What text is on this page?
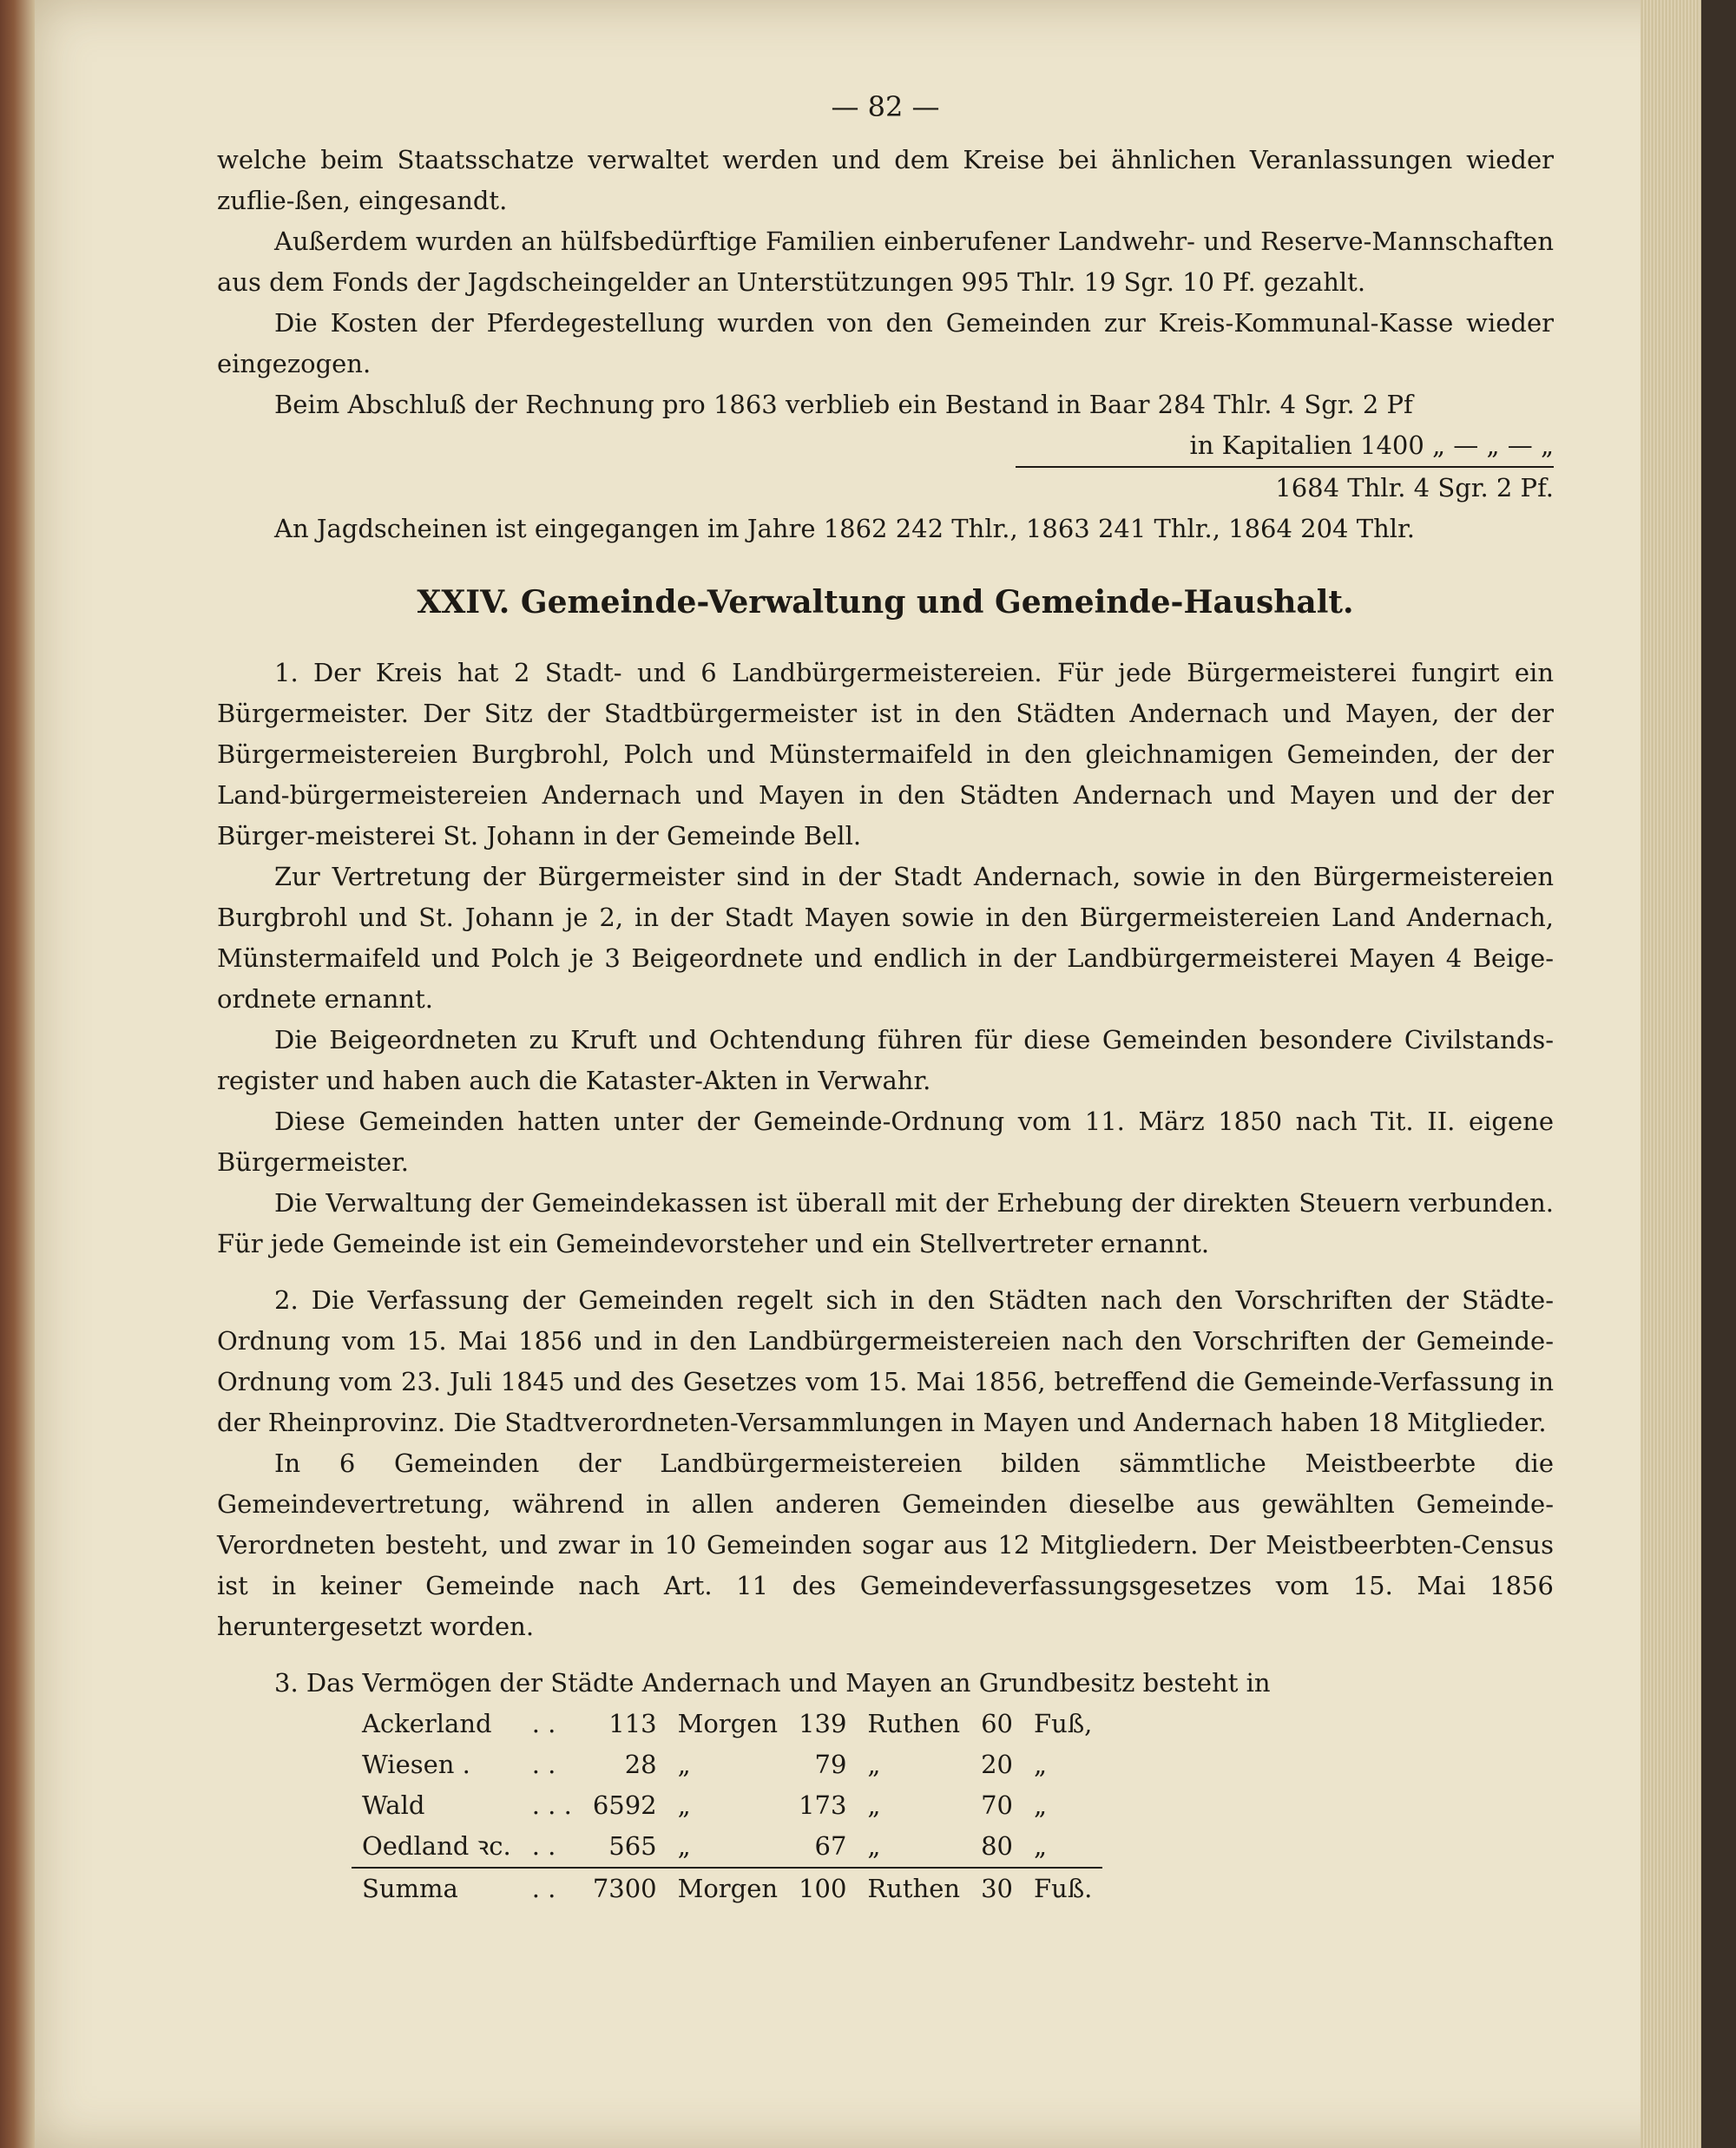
— 82 —

welche beim Staatsschatze verwaltet werden und dem Kreise bei ähnlichen Veranlassungen wieder zuflie-ßen, eingesandt.

Außerdem wurden an hülfsbedürftige Familien einberufener Landwehr- und Reserve-Mannschaften aus dem Fonds der Jagdscheingelder an Unterstützungen 995 Thlr. 19 Sgr. 10 Pf. gezahlt.

Die Kosten der Pferdegestellung wurden von den Gemeinden zur Kreis-Kommunal-Kasse wieder eingezogen.

Beim Abschluß der Rechnung pro 1863 verblieb ein Bestand in Baar 284 Thlr. 4 Sgr. 2 Pf

in Kapitalien 1400 „ — „ — „

1684 Thlr. 4 Sgr. 2 Pf.

An Jagdscheinen ist eingegangen im Jahre 1862 242 Thlr., 1863 241 Thlr., 1864 204 Thlr.

XXIV. Gemeinde-Verwaltung und Gemeinde-Haushalt.

1. Der Kreis hat 2 Stadt- und 6 Landbürgermeistereien. Für jede Bürgermeisterei fungirt ein Bürgermeister. Der Sitz der Stadtbürgermeister ist in den Städten Andernach und Mayen, der der Bürgermeistereien Burgbrohl, Polch und Münstermaifeld in den gleichnamigen Gemeinden, der der Land-bürgermeistereien Andernach und Mayen in den Städten Andernach und Mayen und der der Bürger-meisterei St. Johann in der Gemeinde Bell.

Zur Vertretung der Bürgermeister sind in der Stadt Andernach, sowie in den Bürgermeistereien Burgbrohl und St. Johann je 2, in der Stadt Mayen sowie in den Bürgermeistereien Land Andernach, Münstermaifeld und Polch je 3 Beigeordnete und endlich in der Landbürgermeisterei Mayen 4 Beige-ordnete ernannt.

Die Beigeordneten zu Kruft und Ochtendung führen für diese Gemeinden besondere Civilstands-register und haben auch die Kataster-Akten in Verwahr.

Diese Gemeinden hatten unter der Gemeinde-Ordnung vom 11. März 1850 nach Tit. II. eigene Bürgermeister.

Die Verwaltung der Gemeindekassen ist überall mit der Erhebung der direkten Steuern verbunden. Für jede Gemeinde ist ein Gemeindevorsteher und ein Stellvertreter ernannt.

2. Die Verfassung der Gemeinden regelt sich in den Städten nach den Vorschriften der Städte-Ordnung vom 15. Mai 1856 und in den Landbürgermeistereien nach den Vorschriften der Gemeinde-Ordnung vom 23. Juli 1845 und des Gesetzes vom 15. Mai 1856, betreffend die Gemeinde-Verfassung in der Rheinprovinz. Die Stadtverordneten-Versammlungen in Mayen und Andernach haben 18 Mitglieder.

In 6 Gemeinden der Landbürgermeistereien bilden sämmtliche Meistbeerbte die Gemeindevertretung, während in allen anderen Gemeinden dieselbe aus gewählten Gemeinde-Verordneten besteht, und zwar in 10 Gemeinden sogar aus 12 Mitgliedern. Der Meistbeerbten-Census ist in keiner Gemeinde nach Art. 11 des Gemeindeverfassungsgesetzes vom 15. Mai 1856 heruntergesetzt worden.

3. Das Vermögen der Städte Andernach und Mayen an Grundbesitz besteht in

Ackerland	. .	113	Morgen	139	Ruthen	60	Fuß,
Wiesen .	. .	28	„	79	„	20	„
Wald	. . .	6592	„	173	„	70	„
Oedland ꝛc.	. .	565	„	67	„	80	„
Summa	. .	7300	Morgen	100	Ruthen	30	Fuß.
